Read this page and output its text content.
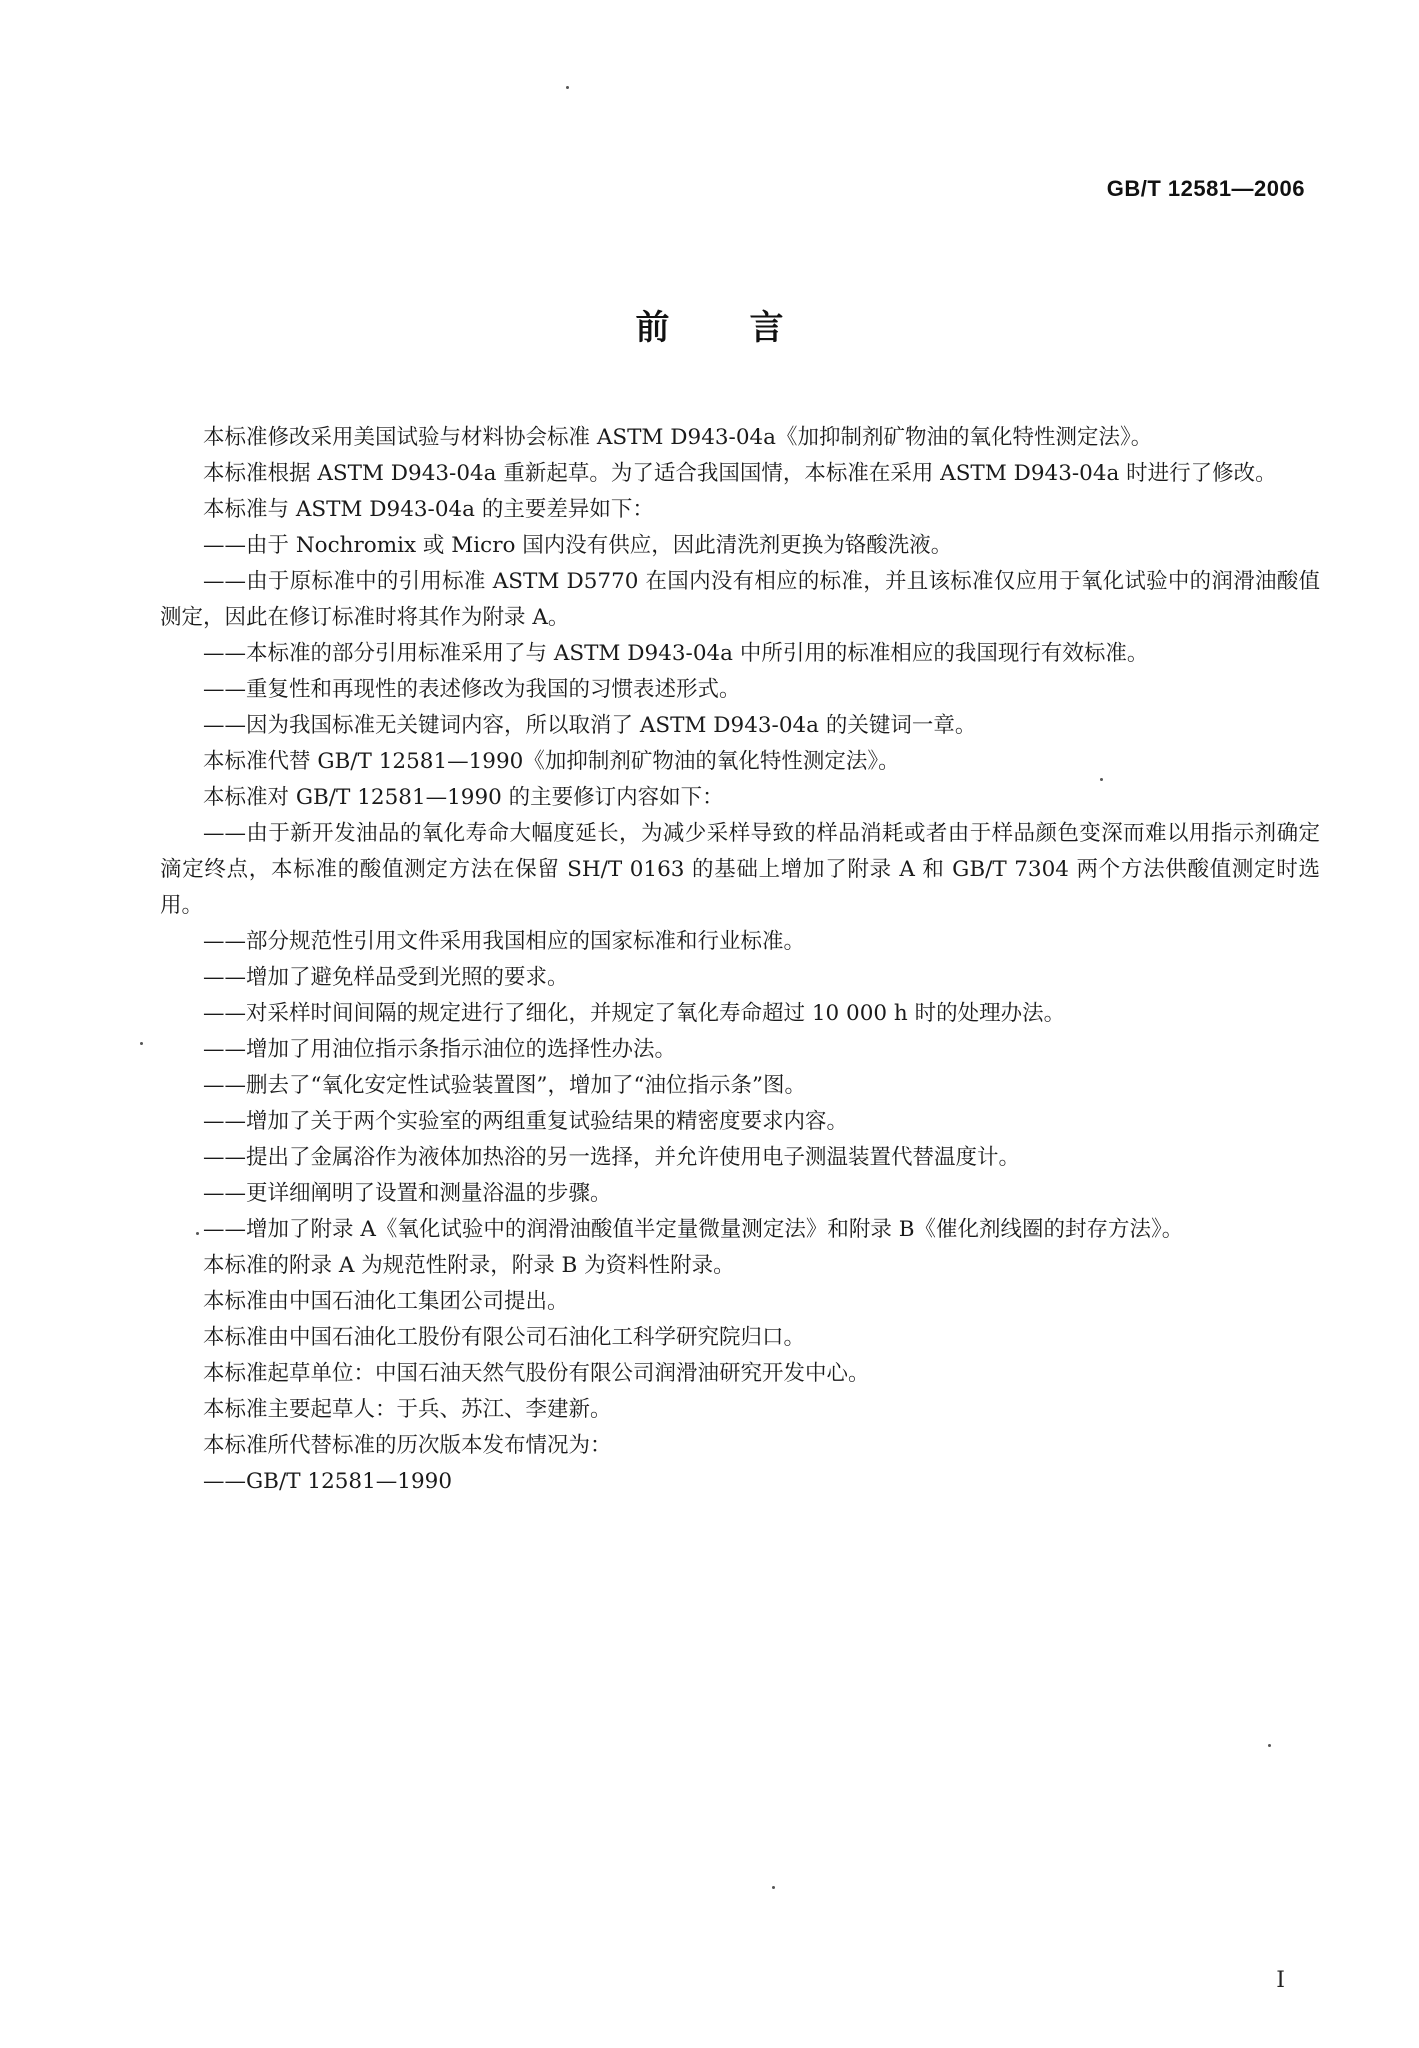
GB/T 12581—2006
前言

本标准修改采用美国试验与材料协会标准 ASTM D943-04a《加抑制剂矿物油的氧化特性测定法》。

本标准根据 ASTM D943-04a 重新起草。为了适合我国国情，本标准在采用 ASTM D943-04a 时进行了修改。

本标准与 ASTM D943-04a 的主要差异如下：

——由于 Nochromix 或 Micro 国内没有供应，因此清洗剂更换为铬酸洗液。

——由于原标准中的引用标准 ASTM D5770 在国内没有相应的标准，并且该标准仅应用于氧化试验中的润滑油酸值测定，因此在修订标准时将其作为附录 A。

——本标准的部分引用标准采用了与 ASTM D943-04a 中所引用的标准相应的我国现行有效标准。

——重复性和再现性的表述修改为我国的习惯表述形式。

——因为我国标准无关键词内容，所以取消了 ASTM D943-04a 的关键词一章。

本标准代替 GB/T 12581—1990《加抑制剂矿物油的氧化特性测定法》。

本标准对 GB/T 12581—1990 的主要修订内容如下：

——由于新开发油品的氧化寿命大幅度延长，为减少采样导致的样品消耗或者由于样品颜色变深而难以用指示剂确定滴定终点，本标准的酸值测定方法在保留 SH/T 0163 的基础上增加了附录 A 和 GB/T 7304 两个方法供酸值测定时选用。

——部分规范性引用文件采用我国相应的国家标准和行业标准。

——增加了避免样品受到光照的要求。

——对采样时间间隔的规定进行了细化，并规定了氧化寿命超过 10 000 h 时的处理办法。

——增加了用油位指示条指示油位的选择性办法。

——删去了“氧化安定性试验装置图”，增加了“油位指示条”图。

——增加了关于两个实验室的两组重复试验结果的精密度要求内容。

——提出了金属浴作为液体加热浴的另一选择，并允许使用电子测温装置代替温度计。

——更详细阐明了设置和测量浴温的步骤。

——增加了附录 A《氧化试验中的润滑油酸值半定量微量测定法》和附录 B《催化剂线圈的封存方法》。

本标准的附录 A 为规范性附录，附录 B 为资料性附录。

本标准由中国石油化工集团公司提出。

本标准由中国石油化工股份有限公司石油化工科学研究院归口。

本标准起草单位：中国石油天然气股份有限公司润滑油研究开发中心。

本标准主要起草人：于兵、苏江、李建新。

本标准所代替标准的历次版本发布情况为：

——GB/T 12581—1990

I
